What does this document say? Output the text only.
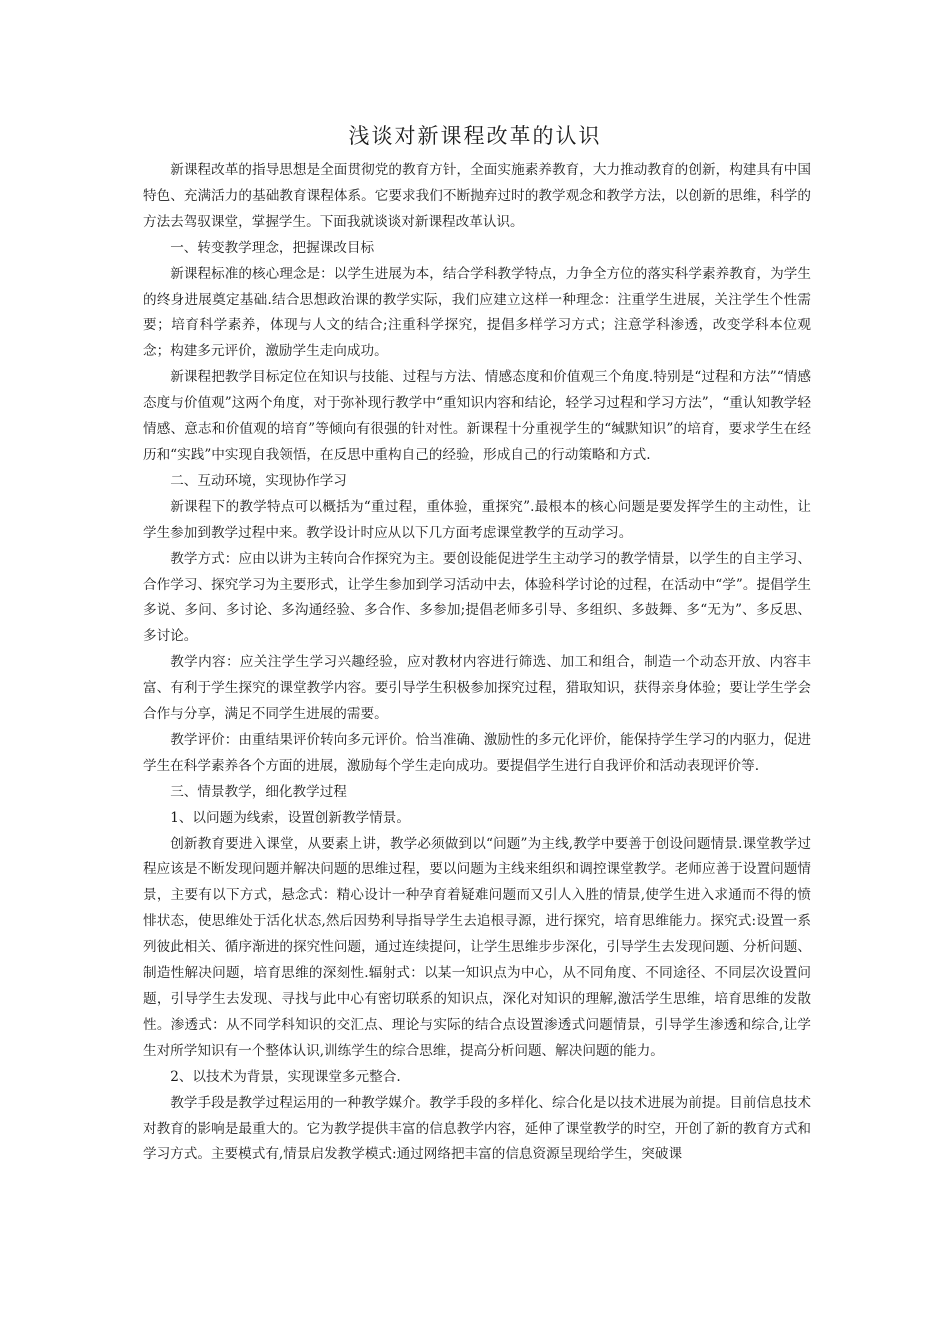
浅谈对新课程改革的认识

新课程改革的指导思想是全面贯彻党的教育方针，全面实施素养教育，大力推动教育的创新，构建具有中国特色、充满活力的基础教育课程体系。它要求我们不断抛弃过时的教学观念和教学方法，以创新的思维，科学的方法去驾驭课堂，掌握学生。下面我就谈谈对新课程改革认识。

一、转变教学理念，把握课改目标

新课程标准的核心理念是：以学生进展为本，结合学科教学特点，力争全方位的落实科学素养教育，为学生的终身进展奠定基础.结合思想政治课的教学实际，我们应建立这样一种理念：注重学生进展，关注学生个性需要；培育科学素养，体现与人文的结合;注重科学探究，提倡多样学习方式；注意学科渗透，改变学科本位观念；构建多元评价，激励学生走向成功。

新课程把教学目标定位在知识与技能、过程与方法、情感态度和价值观三个角度.特别是“过程和方法”“情感态度与价值观”这两个角度，对于弥补现行教学中“重知识内容和结论，轻学习过程和学习方法”，“重认知教学轻情感、意志和价值观的培育”等倾向有很强的针对性。新课程十分重视学生的“缄默知识”的培育，要求学生在经历和“实践”中实现自我领悟，在反思中重构自己的经验，形成自己的行动策略和方式.

二、互动环境，实现协作学习

新课程下的教学特点可以概括为“重过程，重体验，重探究”.最根本的核心问题是要发挥学生的主动性，让学生参加到教学过程中来。教学设计时应从以下几方面考虑课堂教学的互动学习。

教学方式：应由以讲为主转向合作探究为主。要创设能促进学生主动学习的教学情景，以学生的自主学习、合作学习、探究学习为主要形式，让学生参加到学习活动中去，体验科学讨论的过程，在活动中“学”。提倡学生多说、多问、多讨论、多沟通经验、多合作、多参加;提倡老师多引导、多组织、多鼓舞、多“无为”、多反思、多讨论。

教学内容：应关注学生学习兴趣经验，应对教材内容进行筛选、加工和组合，制造一个动态开放、内容丰富、有利于学生探究的课堂教学内容。要引导学生积极参加探究过程，猎取知识，获得亲身体验；要让学生学会合作与分享，满足不同学生进展的需要。

教学评价：由重结果评价转向多元评价。恰当准确、激励性的多元化评价，能保持学生学习的内驱力，促进学生在科学素养各个方面的进展，激励每个学生走向成功。要提倡学生进行自我评价和活动表现评价等.

三、情景教学，细化教学过程

1、以问题为线索，设置创新教学情景。

创新教育要进入课堂，从要素上讲，教学必须做到以“问题”为主线,教学中要善于创设问题情景.课堂教学过程应该是不断发现问题并解决问题的思维过程，要以问题为主线来组织和调控课堂教学。老师应善于设置问题情景，主要有以下方式，悬念式：精心设计一种孕育着疑难问题而又引人入胜的情景,使学生进入求通而不得的愤悱状态，使思维处于活化状态,然后因势利导指导学生去追根寻源，进行探究，培育思维能力。探究式:设置一系列彼此相关、循序渐进的探究性问题，通过连续提问，让学生思维步步深化，引导学生去发现问题、分析问题、制造性解决问题，培育思维的深刻性.辐射式：以某一知识点为中心，从不同角度、不同途径、不同层次设置问题，引导学生去发现、寻找与此中心有密切联系的知识点，深化对知识的理解,激活学生思维，培育思维的发散性。渗透式：从不同学科知识的交汇点、理论与实际的结合点设置渗透式问题情景，引导学生渗透和综合,让学生对所学知识有一个整体认识,训练学生的综合思维，提高分析问题、解决问题的能力。

2、以技术为背景，实现课堂多元整合.

教学手段是教学过程运用的一种教学媒介。教学手段的多样化、综合化是以技术进展为前提。目前信息技术对教育的影响是最重大的。它为教学提供丰富的信息教学内容，延伸了课堂教学的时空，开创了新的教育方式和学习方式。主要模式有,情景启发教学模式:通过网络把丰富的信息资源呈现给学生，突破课
